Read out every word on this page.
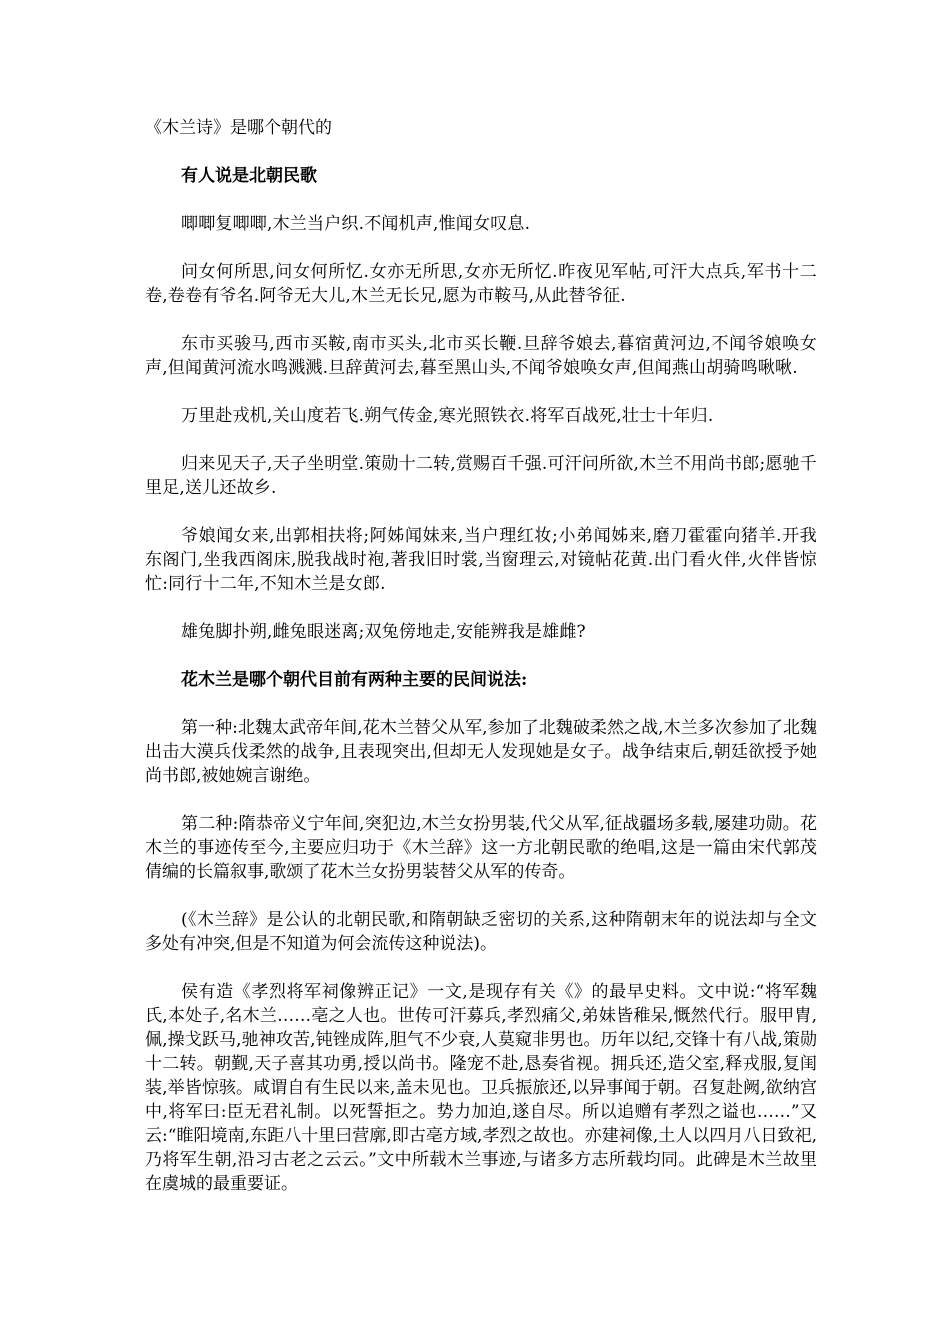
《木兰诗》是哪个朝代的
有人说是北朝民歌

唧唧复唧唧,木兰当户织.不闻机声,惟闻女叹息.

问女何所思,问女何所忆.女亦无所思,女亦无所忆.昨夜见军帖,可汗大点兵,军书十二卷,卷卷有爷名.阿爷无大儿,木兰无长兄,愿为市鞍马,从此替爷征.

东市买骏马,西市买鞍,南市买头,北市买长鞭.旦辞爷娘去,暮宿黄河边,不闻爷娘唤女声,但闻黄河流水鸣溅溅.旦辞黄河去,暮至黑山头,不闻爷娘唤女声,但闻燕山胡骑鸣啾啾.

万里赴戎机,关山度若飞.朔气传金,寒光照铁衣.将军百战死,壮士十年归.

归来见天子,天子坐明堂.策勋十二转,赏赐百千强.可汗问所欲,木兰不用尚书郎;愿驰千里足,送儿还故乡.

爷娘闻女来,出郭相扶将;阿姊闻妹来,当户理红妆;小弟闻姊来,磨刀霍霍向猪羊.开我东阁门,坐我西阁床,脱我战时袍,著我旧时裳,当窗理云,对镜帖花黄.出门看火伴,火伴皆惊忙:同行十二年,不知木兰是女郎.

雄兔脚扑朔,雌兔眼迷离;双兔傍地走,安能辨我是雄雌?

花木兰是哪个朝代目前有两种主要的民间说法:

第一种:北魏太武帝年间,花木兰替父从军,参加了北魏破柔然之战,木兰多次参加了北魏出击大漠兵伐柔然的战争,且表现突出,但却无人发现她是女子。战争结束后,朝廷欲授予她尚书郎,被她婉言谢绝。

第二种:隋恭帝义宁年间,突犯边,木兰女扮男装,代父从军,征战疆场多载,屡建功勋。花木兰的事迹传至今,主要应归功于《木兰辞》这一方北朝民歌的绝唱,这是一篇由宋代郭茂倩编的长篇叙事,歌颂了花木兰女扮男装替父从军的传奇。

(《木兰辞》是公认的北朝民歌,和隋朝缺乏密切的关系,这种隋朝末年的说法却与全文多处有冲突,但是不知道为何会流传这种说法)。

侯有造《孝烈将军祠像辨正记》一文,是现存有关《》的最早史料。文中说:“将军魏氏,本处子,名木兰……亳之人也。世传可汗募兵,孝烈痛父,弟妹皆稚呆,慨然代行。服甲胄,佩,操戈跃马,驰神攻苦,钝锉成阵,胆气不少衰,人莫窥非男也。历年以纪,交锋十有八战,策勋十二转。朝觐,天子喜其功勇,授以尚书。隆宠不赴,恳奏省视。拥兵还,造父室,释戎服,复闺装,举皆惊骇。咸谓自有生民以来,盖未见也。卫兵振旅还,以异事闻于朝。召复赴阙,欲纳宫中,将军曰:臣无君礼制。以死誓拒之。势力加迫,遂自尽。所以追赠有孝烈之谥也……”又云:“睢阳境南,东距八十里曰营廓,即古亳方域,孝烈之故也。亦建祠像,土人以四月八日致祀,乃将军生朝,沿习古老之云云。”文中所载木兰事迹,与诸多方志所载均同。此碑是木兰故里在虞城的最重要证。
